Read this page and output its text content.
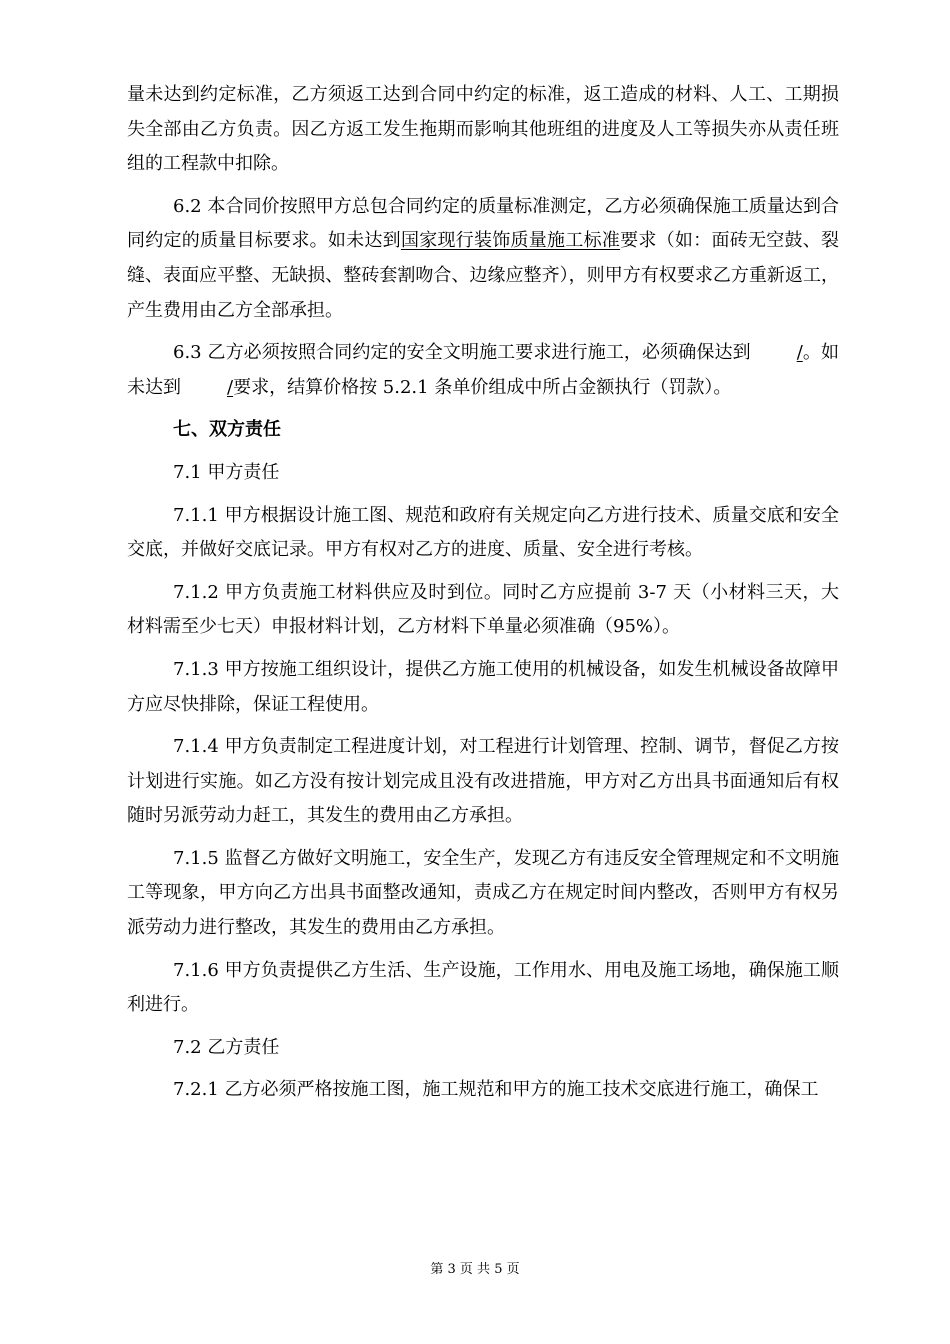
量未达到约定标准，乙方须返工达到合同中约定的标准，返工造成的材料、人工、工期损失全部由乙方负责。因乙方返工发生拖期而影响其他班组的进度及人工等损失亦从责任班组的工程款中扣除。

6.2 本合同价按照甲方总包合同约定的质量标准测定，乙方必须确保施工质量达到合同约定的质量目标要求。如未达到国家现行装饰质量施工标准要求（如：面砖无空鼓、裂缝、表面应平整、无缺损、整砖套割吻合、边缘应整齐），则甲方有权要求乙方重新返工，产生费用由乙方全部承担。

6.3 乙方必须按照合同约定的安全文明施工要求进行施工，必须确保达到	/。如未达到	/要求，结算价格按 5.2.1 条单价组成中所占金额执行（罚款）。

七、双方责任

7.1 甲方责任

7.1.1 甲方根据设计施工图、规范和政府有关规定向乙方进行技术、质量交底和安全交底，并做好交底记录。甲方有权对乙方的进度、质量、安全进行考核。

7.1.2 甲方负责施工材料供应及时到位。同时乙方应提前 3-7 天（小材料三天，大材料需至少七天）申报材料计划，乙方材料下单量必须准确（95%）。

7.1.3 甲方按施工组织设计，提供乙方施工使用的机械设备，如发生机械设备故障甲方应尽快排除，保证工程使用。

7.1.4 甲方负责制定工程进度计划，对工程进行计划管理、控制、调节，督促乙方按计划进行实施。如乙方没有按计划完成且没有改进措施，甲方对乙方出具书面通知后有权随时另派劳动力赶工，其发生的费用由乙方承担。

7.1.5 监督乙方做好文明施工，安全生产，发现乙方有违反安全管理规定和不文明施工等现象，甲方向乙方出具书面整改通知，责成乙方在规定时间内整改，否则甲方有权另派劳动力进行整改，其发生的费用由乙方承担。

7.1.6 甲方负责提供乙方生活、生产设施，工作用水、用电及施工场地，确保施工顺利进行。

7.2 乙方责任

7.2.1 乙方必须严格按施工图，施工规范和甲方的施工技术交底进行施工，确保工

第 3 页 共 5 页
